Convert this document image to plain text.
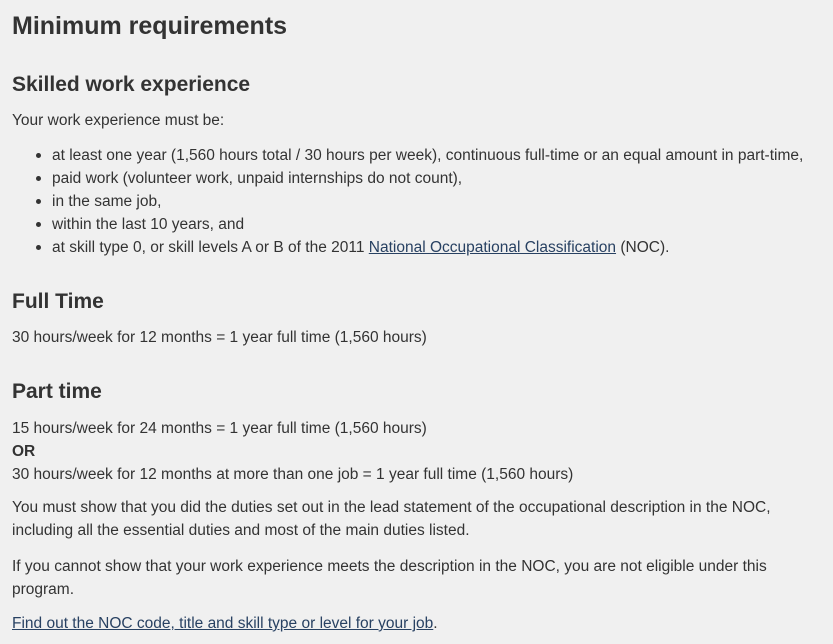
Minimum requirements
Skilled work experience

Your work experience must be:

at least one year (1,560 hours total / 30 hours per week), continuous full-time or an equal amount in part-time,
paid work (volunteer work, unpaid internships do not count),
in the same job,
within the last 10 years, and
at skill type 0, or skill levels A or B of the 2011 National Occupational Classification (NOC).
Full Time

30 hours/week for 12 months = 1 year full time (1,560 hours)

Part time

15 hours/week for 24 months = 1 year full time (1,560 hours)

OR

30 hours/week for 12 months at more than one job = 1 year full time (1,560 hours)

You must show that you did the duties set out in the lead statement of the occupational description in the NOC, including all the essential duties and most of the main duties listed.

If you cannot show that your work experience meets the description in the NOC, you are not eligible under this program.

Find out the NOC code, title and skill type or level for your job.
